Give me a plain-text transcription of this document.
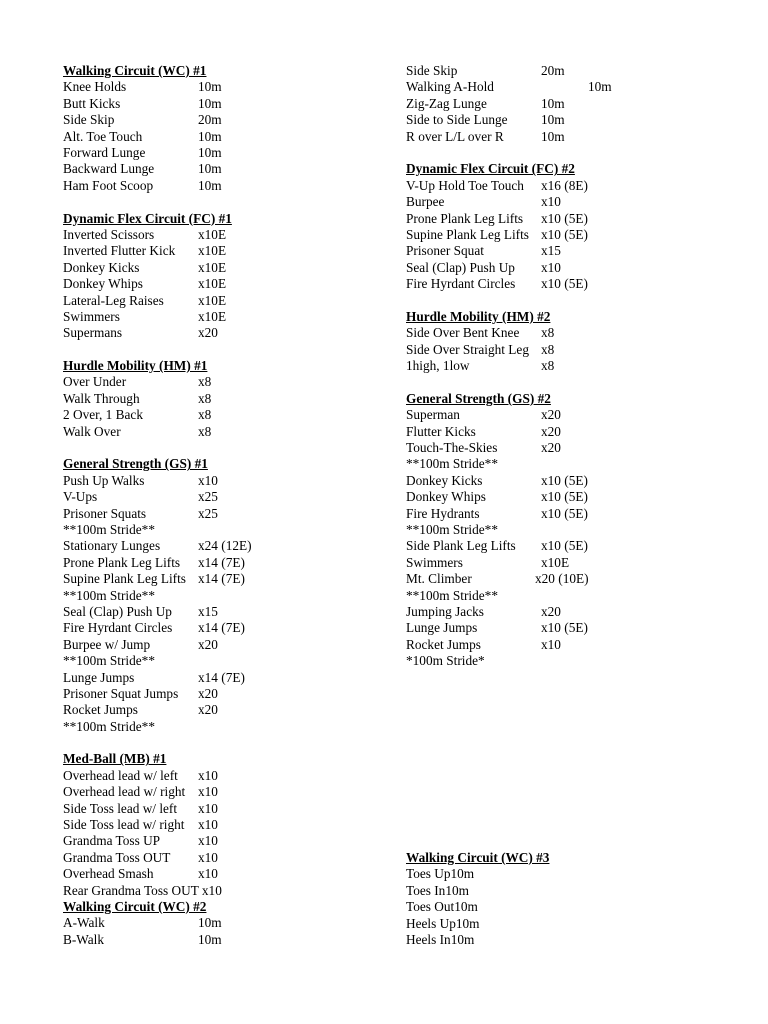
Walking Circuit (WC) #1
Knee Holds	10m
Butt Kicks	10m
Side Skip	20m
Alt. Toe Touch	10m
Forward Lunge	10m
Backward Lunge	10m
Ham Foot Scoop	10m
Dynamic Flex Circuit (FC) #1
Inverted Scissors	x10E
Inverted Flutter Kick	x10E
Donkey Kicks	x10E
Donkey Whips	x10E
Lateral-Leg Raises	x10E
Swimmers	x10E
Supermans	x20
Hurdle Mobility (HM) #1
Over Under	x8
Walk Through	x8
2 Over, 1 Back	x8
Walk Over	x8
General Strength (GS) #1
Push Up Walks	x10
V-Ups	x25
Prisoner Squats	x25
**100m Stride**
Stationary Lunges	x24 (12E)
Prone Plank Leg Lifts	x14 (7E)
Supine Plank Leg Lifts x14 (7E)
**100m Stride**
Seal (Clap) Push Up	x15
Fire Hyrdant Circles	x14 (7E)
Burpee w/ Jump	x20
**100m Stride**
Lunge Jumps	x14 (7E)
Prisoner Squat Jumps	x20
Rocket Jumps	x20
**100m Stride**
Med-Ball (MB) #1
Overhead lead w/ left	x10
Overhead lead w/ right x10
Side Toss lead w/ left	x10
Side Toss lead w/ right	x10
Grandma Toss UP	x10
Grandma Toss OUT	x10
Overhead Smash	x10
Rear Grandma Toss OUT x10
Walking Circuit (WC) #2
A-Walk	10m
B-Walk	10m
Side Skip	20m
Walking A-Hold	10m
Zig-Zag Lunge	10m
Side to Side Lunge	10m
R over L/L over R	10m
Dynamic Flex Circuit (FC) #2
V-Up Hold Toe Touch	x16 (8E)
Burpee	x10
Prone Plank Leg Lifts	x10 (5E)
Supine Plank Leg Lifts x10 (5E)
Prisoner Squat	x15
Seal (Clap) Push Up	x10
Fire Hyrdant Circles	x10 (5E)
Hurdle Mobility (HM) #2
Side Over Bent Knee	x8
Side Over Straight Leg x8
1high, 1low	x8
General Strength (GS) #2
Superman	x20
Flutter Kicks	x20
Touch-The-Skies	x20
**100m Stride**
Donkey Kicks	x10 (5E)
Donkey Whips	x10 (5E)
Fire Hydrants	x10 (5E)
**100m Stride**
Side Plank Leg Lifts	x10 (5E)
Swimmers	x10E
Mt. Climber	x20 (10E)
**100m Stride**
Jumping Jacks	x20
Lunge Jumps	x10 (5E)
Rocket Jumps	x10
*100m Stride*
Walking Circuit (WC) #3
Toes Up 10m
Toes In 10m
Toes Out 10m
Heels Up 10m
Heels In 10m
